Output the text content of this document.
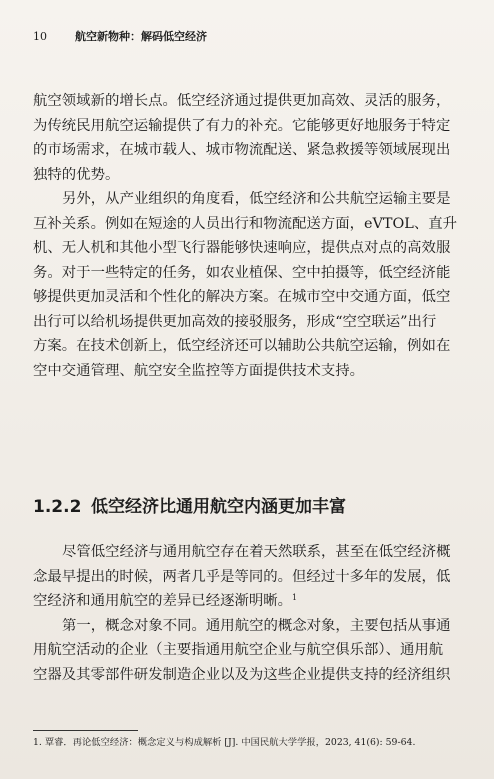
10	航空新物种：解码低空经济

航空领域新的增长点。低空经济通过提供更加高效、灵活的服务，
为传统民用航空运输提供了有力的补充。它能够更好地服务于特定
的市场需求，在城市载人、城市物流配送、紧急救援等领域展现出
独特的优势。

另外，从产业组织的角度看，低空经济和公共航空运输主要是
互补关系。例如在短途的人员出行和物流配送方面，eVTOL、直升
机、无人机和其他小型飞行器能够快速响应，提供点对点的高效服
务。对于一些特定的任务，如农业植保、空中拍摄等，低空经济能
够提供更加灵活和个性化的解决方案。在城市空中交通方面，低空
出行可以给机场提供更加高效的接驳服务，形成“空空联运”出行
方案。在技术创新上，低空经济还可以辅助公共航空运输，例如在
空中交通管理、航空安全监控等方面提供技术支持。

1.2.2 低空经济比通用航空内涵更加丰富

尽管低空经济与通用航空存在着天然联系，甚至在低空经济概
念最早提出的时候，两者几乎是等同的。但经过十多年的发展，低
空经济和通用航空的差异已经逐渐明晰。$^1$

第一，概念对象不同。通用航空的概念对象，主要包括从事通
用航空活动的企业（主要指通用航空企业与航空俱乐部）、通用航
空器及其零部件研发制造企业以及为这些企业提供支持的经济组织

1. 覃睿．再论低空经济：概念定义与构成解析 [J]. 中国民航大学学报，2023, 41(6): 59-64.
